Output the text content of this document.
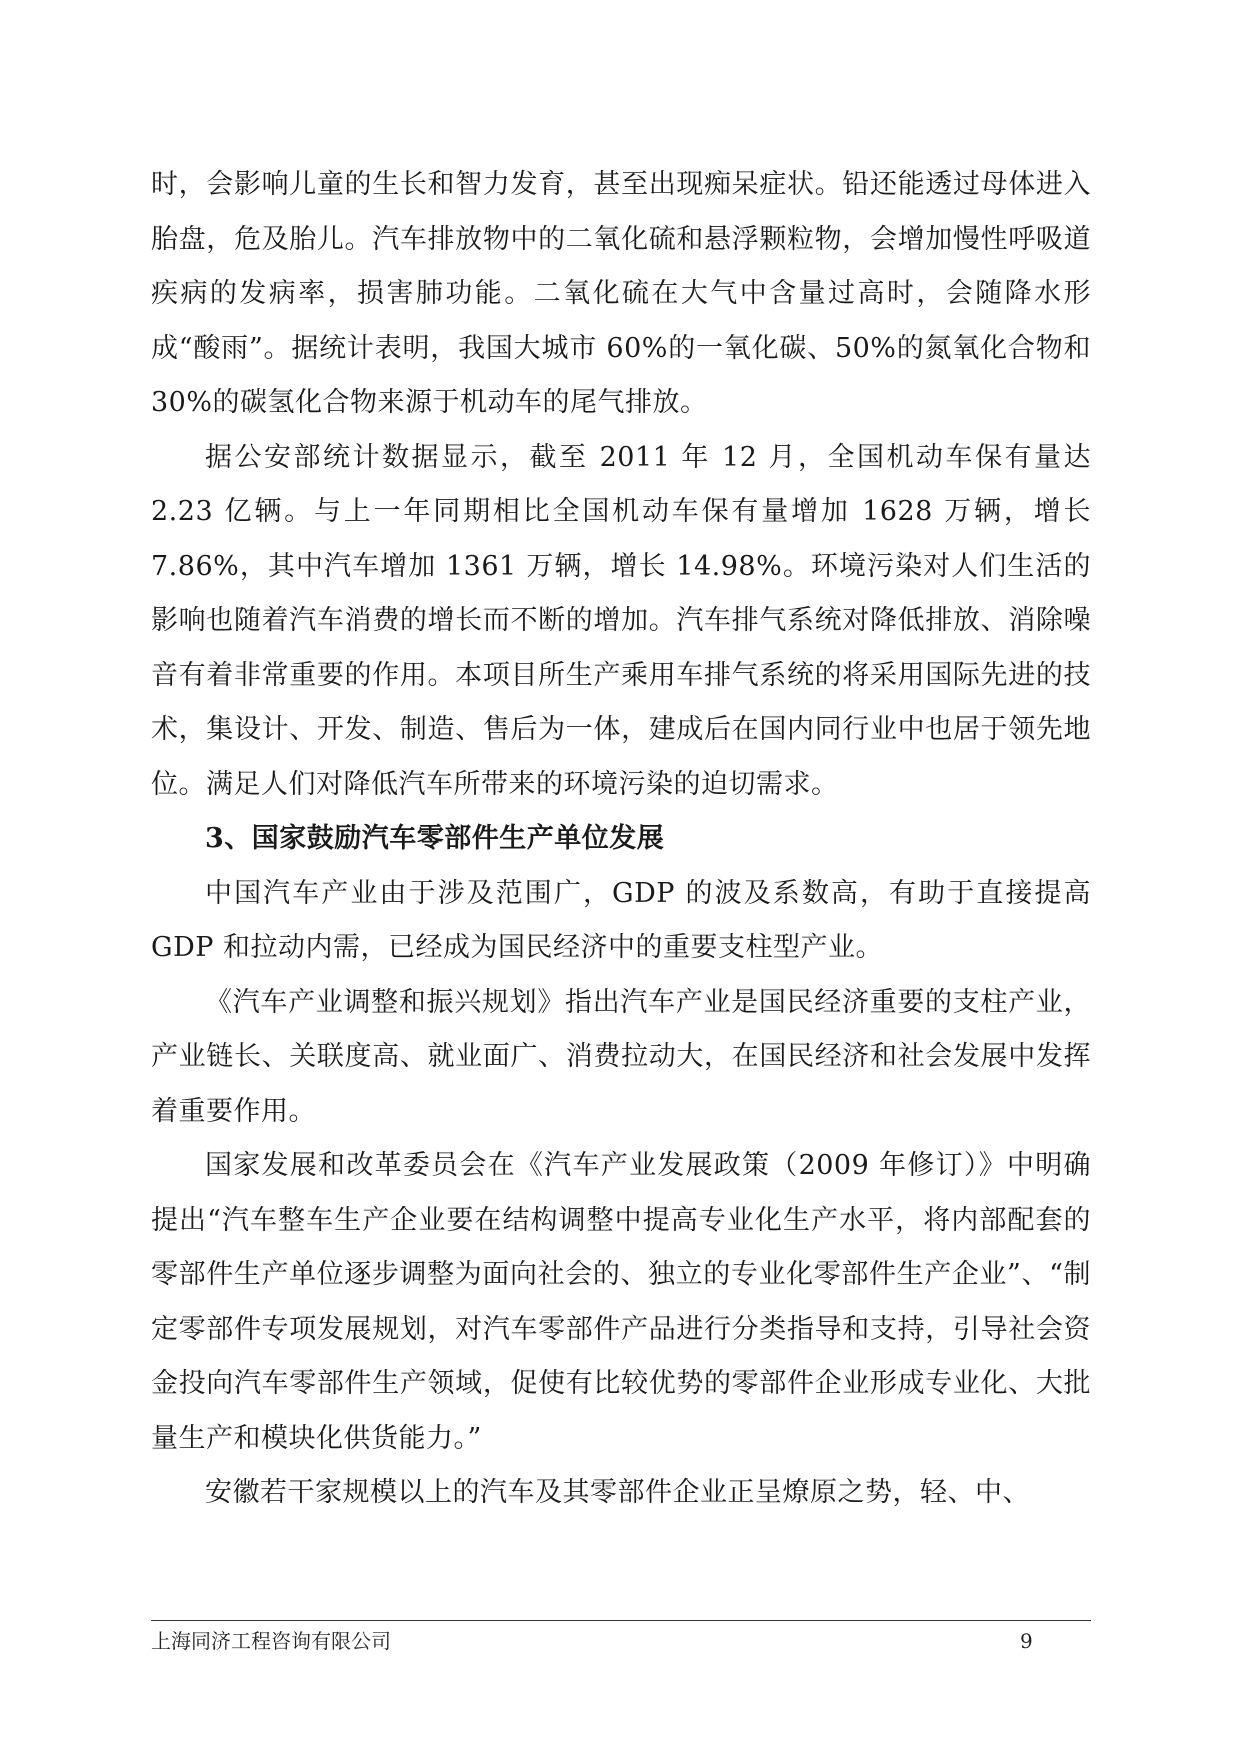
时，会影响儿童的生长和智力发育，甚至出现痴呆症状。铅还能透过母体进入胎盘，危及胎儿。汽车排放物中的二氧化硫和悬浮颗粒物，会增加慢性呼吸道疾病的发病率，损害肺功能。二氧化硫在大气中含量过高时，会随降水形成“酸雨”。据统计表明，我国大城市 60%的一氧化碳、50%的氮氧化合物和 30%的碳氢化合物来源于机动车的尾气排放。

据公安部统计数据显示，截至 2011 年 12 月，全国机动车保有量达 2.23 亿辆。与上一年同期相比全国机动车保有量增加 1628 万辆，增长 7.86%，其中汽车增加 1361 万辆，增长 14.98%。环境污染对人们生活的影响也随着汽车消费的增长而不断的增加。汽车排气系统对降低排放、消除噪音有着非常重要的作用。本项目所生产乘用车排气系统的将采用国际先进的技术，集设计、开发、制造、售后为一体，建成后在国内同行业中也居于领先地位。满足人们对降低汽车所带来的环境污染的迫切需求。

3、国家鼓励汽车零部件生产单位发展

中国汽车产业由于涉及范围广，GDP 的波及系数高，有助于直接提高 GDP 和拉动内需，已经成为国民经济中的重要支柱型产业。

《汽车产业调整和振兴规划》指出汽车产业是国民经济重要的支柱产业，产业链长、关联度高、就业面广、消费拉动大，在国民经济和社会发展中发挥着重要作用。

国家发展和改革委员会在《汽车产业发展政策（2009 年修订）》中明确提出“汽车整车生产企业要在结构调整中提高专业化生产水平，将内部配套的零部件生产单位逐步调整为面向社会的、独立的专业化零部件生产企业”、“制定零部件专项发展规划，对汽车零部件产品进行分类指导和支持，引导社会资金投向汽车零部件生产领域，促使有比较优势的零部件企业形成专业化、大批量生产和模块化供货能力。”

安徽若干家规模以上的汽车及其零部件企业正呈燎原之势，轻、中、

上海同济工程咨询有限公司	9
